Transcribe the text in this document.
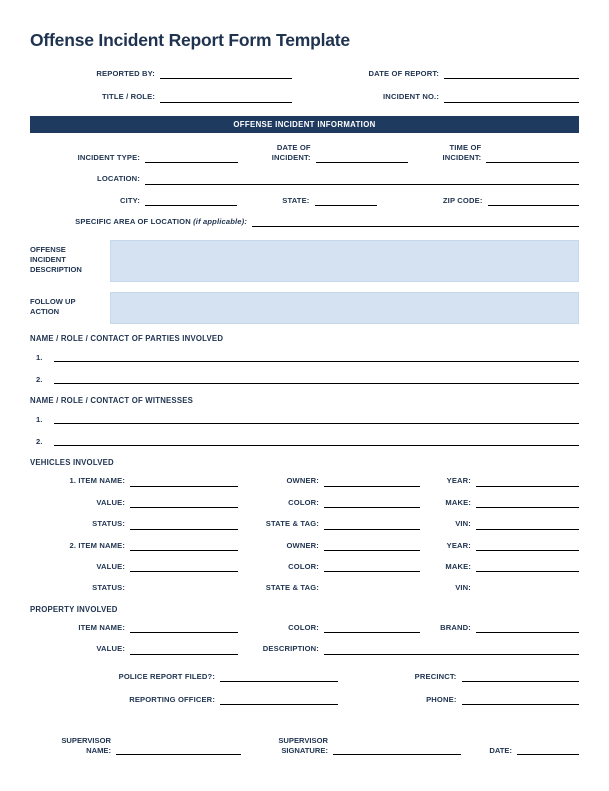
Offense Incident Report Form Template
REPORTED BY:	DATE OF REPORT:
TITLE / ROLE:	INCIDENT NO.:
OFFENSE INCIDENT INFORMATION
INCIDENT TYPE:
DATE OF
INCIDENT:
TIME OF
INCIDENT:
LOCATION:
CITY:	STATE:	ZIP CODE:
SPECIFIC AREA OF LOCATION (if applicable):
OFFENSE
INCIDENT
DESCRIPTION
FOLLOW UP
ACTION
NAME / ROLE / CONTACT OF PARTIES INVOLVED
1.
2.
NAME / ROLE / CONTACT OF WITNESSES
1.
2.
VEHICLES INVOLVED
1. ITEM NAME:	OWNER:	YEAR:
VALUE:	COLOR:	MAKE:
STATUS:	STATE & TAG:	VIN:
2. ITEM NAME:	OWNER:	YEAR:
VALUE:	COLOR:	MAKE:
STATUS:	STATE & TAG:	VIN:
PROPERTY INVOLVED
ITEM NAME:	COLOR:	BRAND:
VALUE:	DESCRIPTION:
POLICE REPORT FILED?:	PRECINCT:
REPORTING OFFICER:	PHONE:
SUPERVISOR
NAME:
SUPERVISOR
SIGNATURE:	DATE:
